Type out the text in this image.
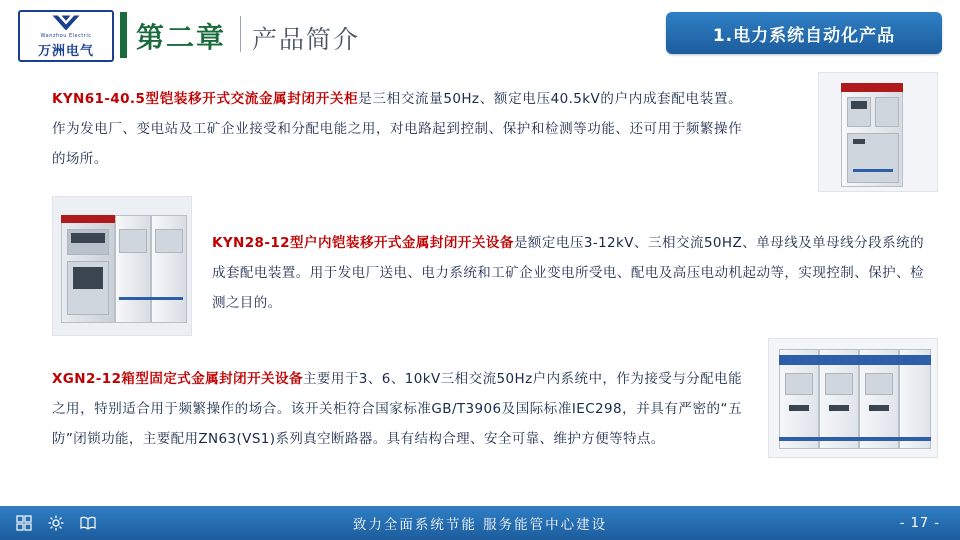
Wanzhou Electric
万洲电气 第二章 产品简介	1.电力系统自动化产品
KYN61-40.5型铠装移开式交流金属封闭开关柜是三相交流量50Hz、额定电压40.5kV的户内成套配电装置。作为发电厂、变电站及工矿企业接受和分配电能之用，对电路起到控制、保护和检测等功能、还可用于频繁操作的场所。
KYN28-12型户内铠装移开式金属封闭开关设备是额定电压3-12kV、三相交流50HZ、单母线及单母线分段系统的成套配电装置。用于发电厂送电、电力系统和工矿企业变电所受电、配电及高压电动机起动等，实现控制、保护、检测之目的。
XGN2-12箱型固定式金属封闭开关设备主要用于3、6、10kV三相交流50Hz户内系统中，作为接受与分配电能之用，特别适合用于频繁操作的场合。该开关柜符合国家标准GB/T3906及国际标准IEC298，并具有严密的“五防”闭锁功能，主要配用ZN63(VS1)系列真空断路器。具有结构合理、安全可靠、维护方便等特点。
致力全面系统节能 服务能管中心建设	- 17 -
